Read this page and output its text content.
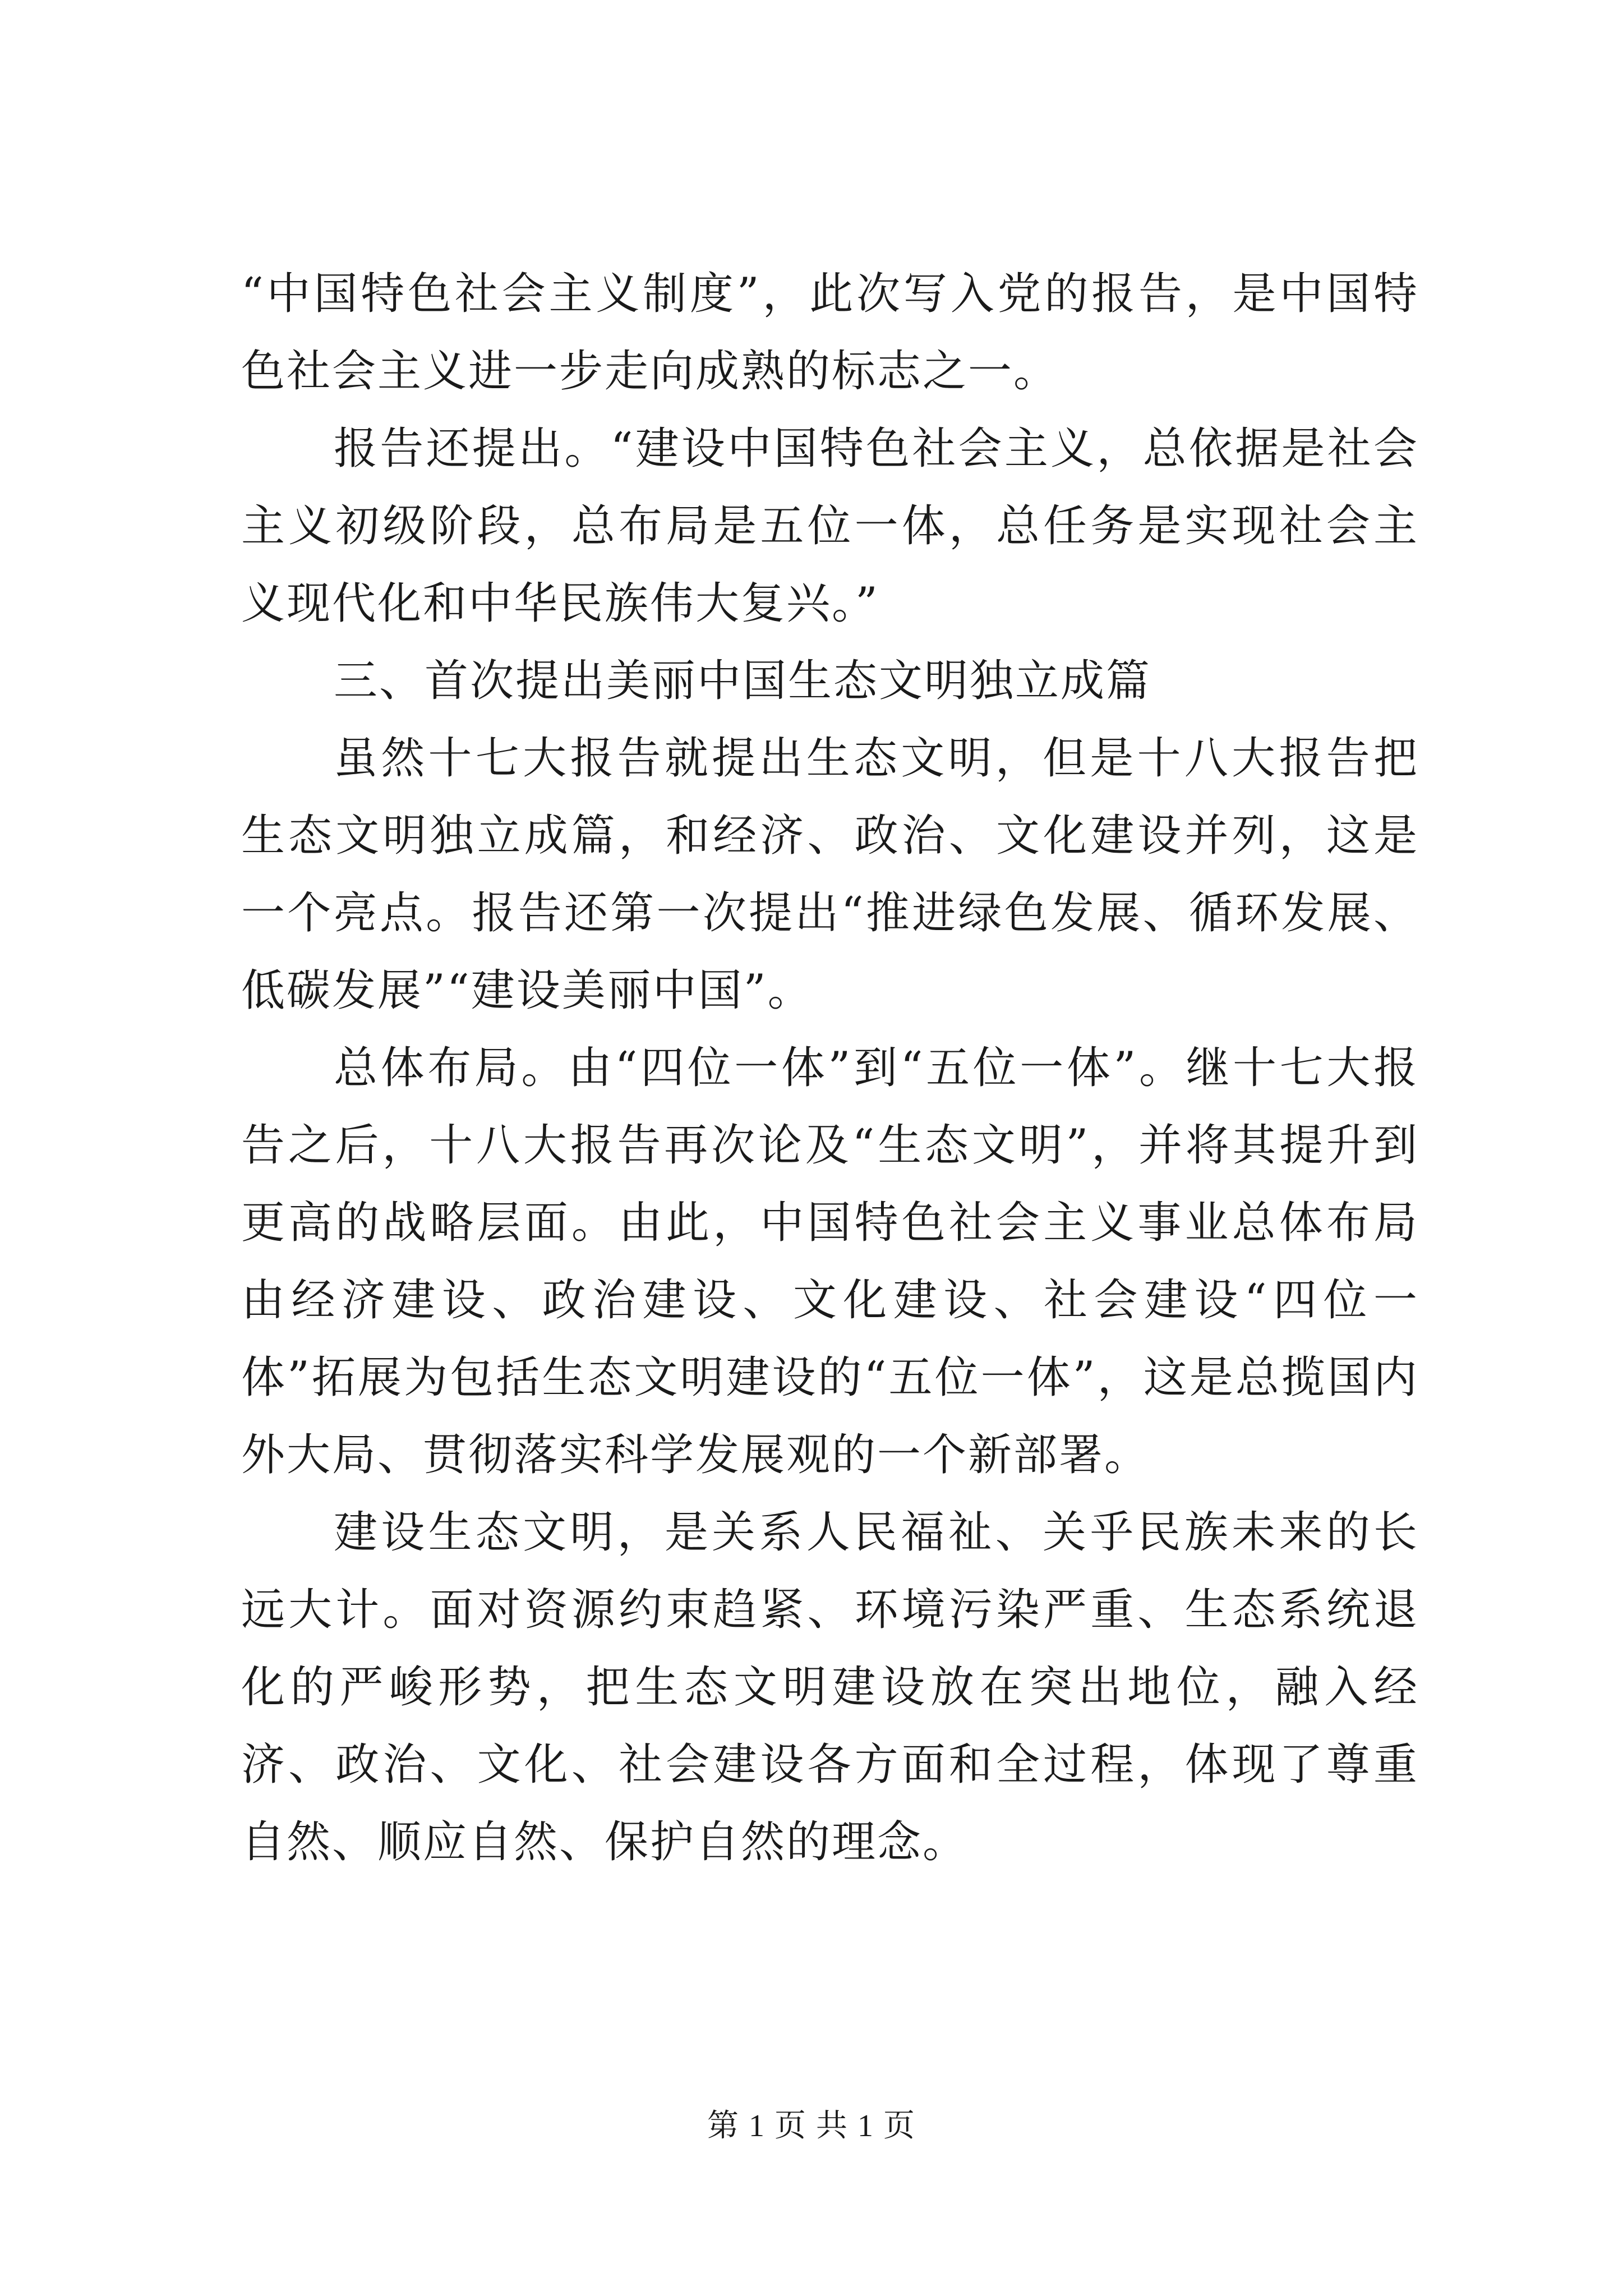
“中国特色社会主义制度”，此次写入党的报告，是中国特色社会主义进一步走向成熟的标志之一。

报告还提出。“建设中国特色社会主义，总依据是社会主义初级阶段，总布局是五位一体，总任务是实现社会主义现代化和中华民族伟大复兴。”

三、首次提出美丽中国生态文明独立成篇

虽然十七大报告就提出生态文明，但是十八大报告把生态文明独立成篇，和经济、政治、文化建设并列，这是一个亮点。报告还第一次提出“推进绿色发展、循环发展、低碳发展”“建设美丽中国”。

总体布局。由“四位一体”到“五位一体”。继十七大报告之后，十八大报告再次论及“生态文明”，并将其提升到更高的战略层面。由此，中国特色社会主义事业总体布局由经济建设、政治建设、文化建设、社会建设“四位一体”拓展为包括生态文明建设的“五位一体”，这是总揽国内外大局、贯彻落实科学发展观的一个新部署。

建设生态文明，是关系人民福祉、关乎民族未来的长远大计。面对资源约束趋紧、环境污染严重、生态系统退化的严峻形势，把生态文明建设放在突出地位，融入经济、政治、文化、社会建设各方面和全过程，体现了尊重自然、顺应自然、保护自然的理念。

第 1 页 共 1 页
